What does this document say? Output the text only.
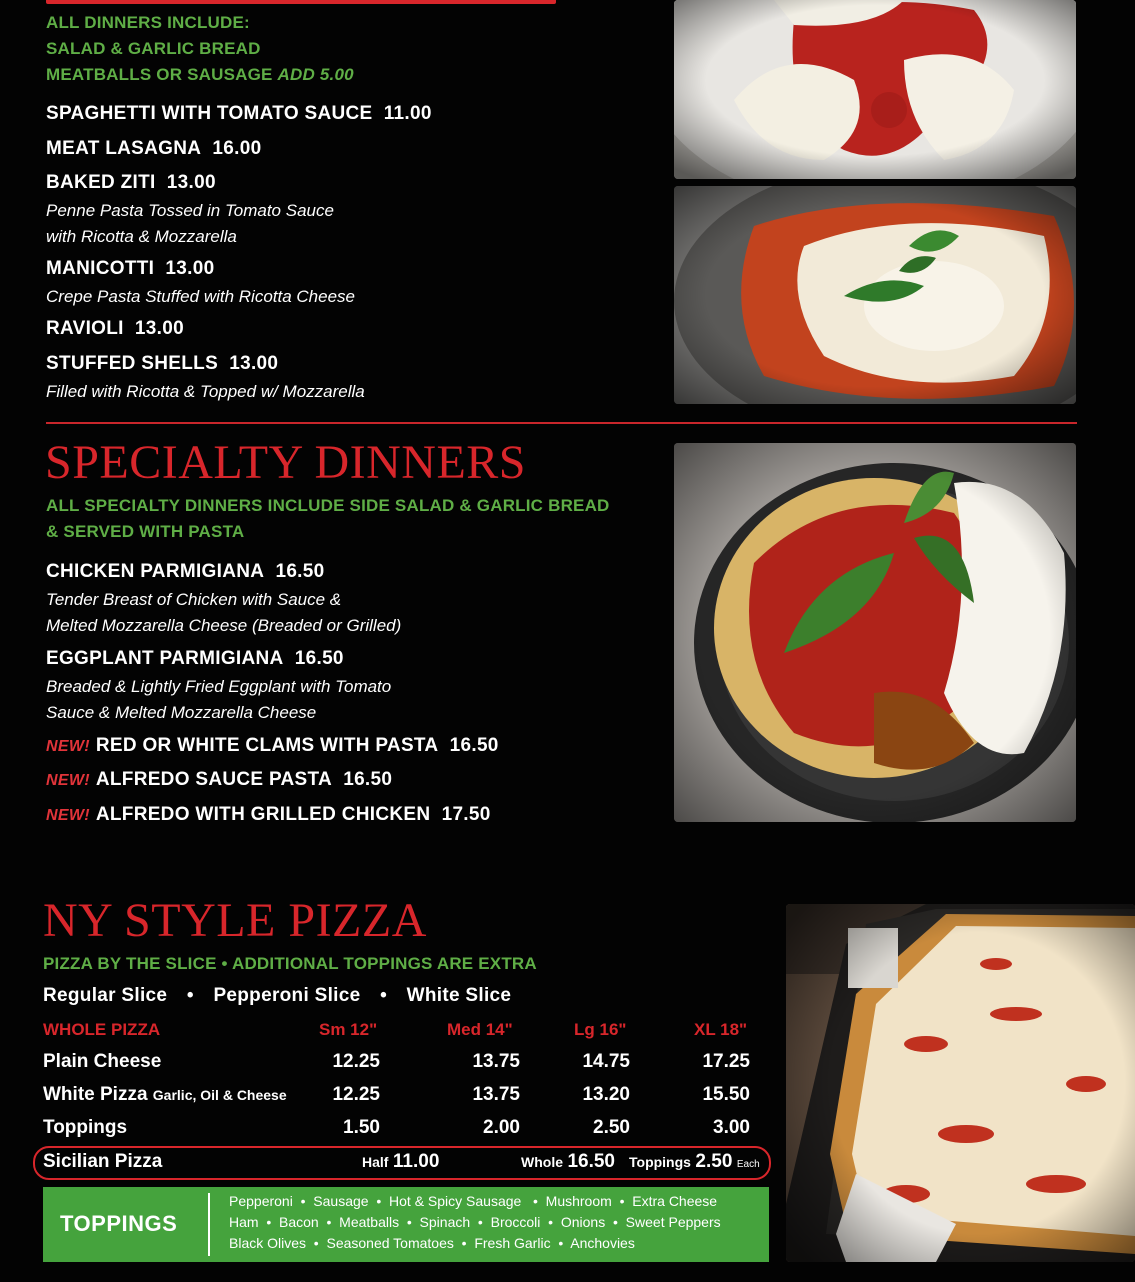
ALL DINNERS INCLUDE:
SALAD & GARLIC BREAD
MEATBALLS OR SAUSAGE ADD 5.00
SPAGHETTI WITH TOMATO SAUCE 11.00
MEAT LASAGNA 16.00
BAKED ZITI 13.00
Penne Pasta Tossed in Tomato Sauce
with Ricotta & Mozzarella
MANICOTTI 13.00
Crepe Pasta Stuffed with Ricotta Cheese
RAVIOLI 13.00
STUFFED SHELLS 13.00
Filled with Ricotta & Topped w/ Mozzarella
SPECIALTY DINNERS
ALL SPECIALTY DINNERS INCLUDE SIDE SALAD & GARLIC BREAD
& SERVED WITH PASTA
CHICKEN PARMIGIANA 16.50
Tender Breast of Chicken with Sauce &
Melted Mozzarella Cheese (Breaded or Grilled)
EGGPLANT PARMIGIANA 16.50
Breaded & Lightly Fried Eggplant with Tomato
Sauce & Melted Mozzarella Cheese
NEW! RED OR WHITE CLAMS WITH PASTA 16.50
NEW! ALFREDO SAUCE PASTA 16.50
NEW! ALFREDO WITH GRILLED CHICKEN 17.50
NY STYLE PIZZA
PIZZA BY THE SLICE • ADDITIONAL TOPPINGS ARE EXTRA
Regular Slice • Pepperoni Slice • White Slice
WHOLE PIZZA	Sm 12"	Med 14"	Lg 16"	XL 18"
Plain Cheese	12.25	13.75	14.75	17.25
White Pizza Garlic, Oil & Cheese	12.25	13.75	13.20	15.50
Toppings	1.50	2.00	2.50	3.00
Sicilian Pizza	Half 11.00	Whole 16.50 Toppings 2.50 Each
TOPPINGS
Pepperoni  •  Sausage  •  Hot & Spicy Sausage   •  Mushroom  •  Extra Cheese
Ham  •  Bacon  •  Meatballs  •  Spinach  •  Broccoli  •  Onions  •  Sweet Peppers
Black Olives  •  Seasoned Tomatoes  •  Fresh Garlic  •  Anchovies
